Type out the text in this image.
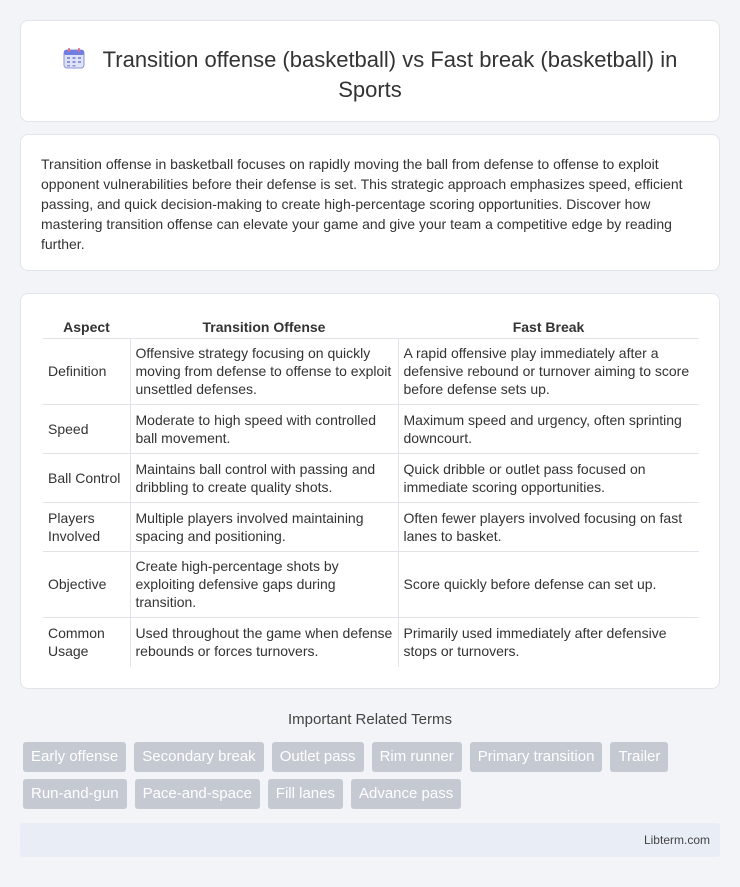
Transition offense (basketball) vs Fast break (basketball) in Sports

Transition offense in basketball focuses on rapidly moving the ball from defense to offense to exploit opponent vulnerabilities before their defense is set. This strategic approach emphasizes speed, efficient passing, and quick decision-making to create high-percentage scoring opportunities. Discover how mastering transition offense can elevate your game and give your team a competitive edge by reading further.

Aspect	Transition Offense	Fast Break
Definition	Offensive strategy focusing on quickly moving from defense to offense to exploit unsettled defenses.	A rapid offensive play immediately after a defensive rebound or turnover aiming to score before defense sets up.
Speed	Moderate to high speed with controlled ball movement.	Maximum speed and urgency, often sprinting downcourt.
Ball Control	Maintains ball control with passing and dribbling to create quality shots.	Quick dribble or outlet pass focused on immediate scoring opportunities.
Players Involved	Multiple players involved maintaining spacing and positioning.	Often fewer players involved focusing on fast lanes to basket.
Objective	Create high-percentage shots by exploiting defensive gaps during transition.	Score quickly before defense can set up.
Common Usage	Used throughout the game when defense rebounds or forces turnovers.	Primarily used immediately after defensive stops or turnovers.
Important Related Terms
Early offense	Secondary break	Outlet pass	Rim runner	Primary transition	Trailer
Run-and-gun	Pace-and-space	Fill lanes	Advance pass
Libterm.com
